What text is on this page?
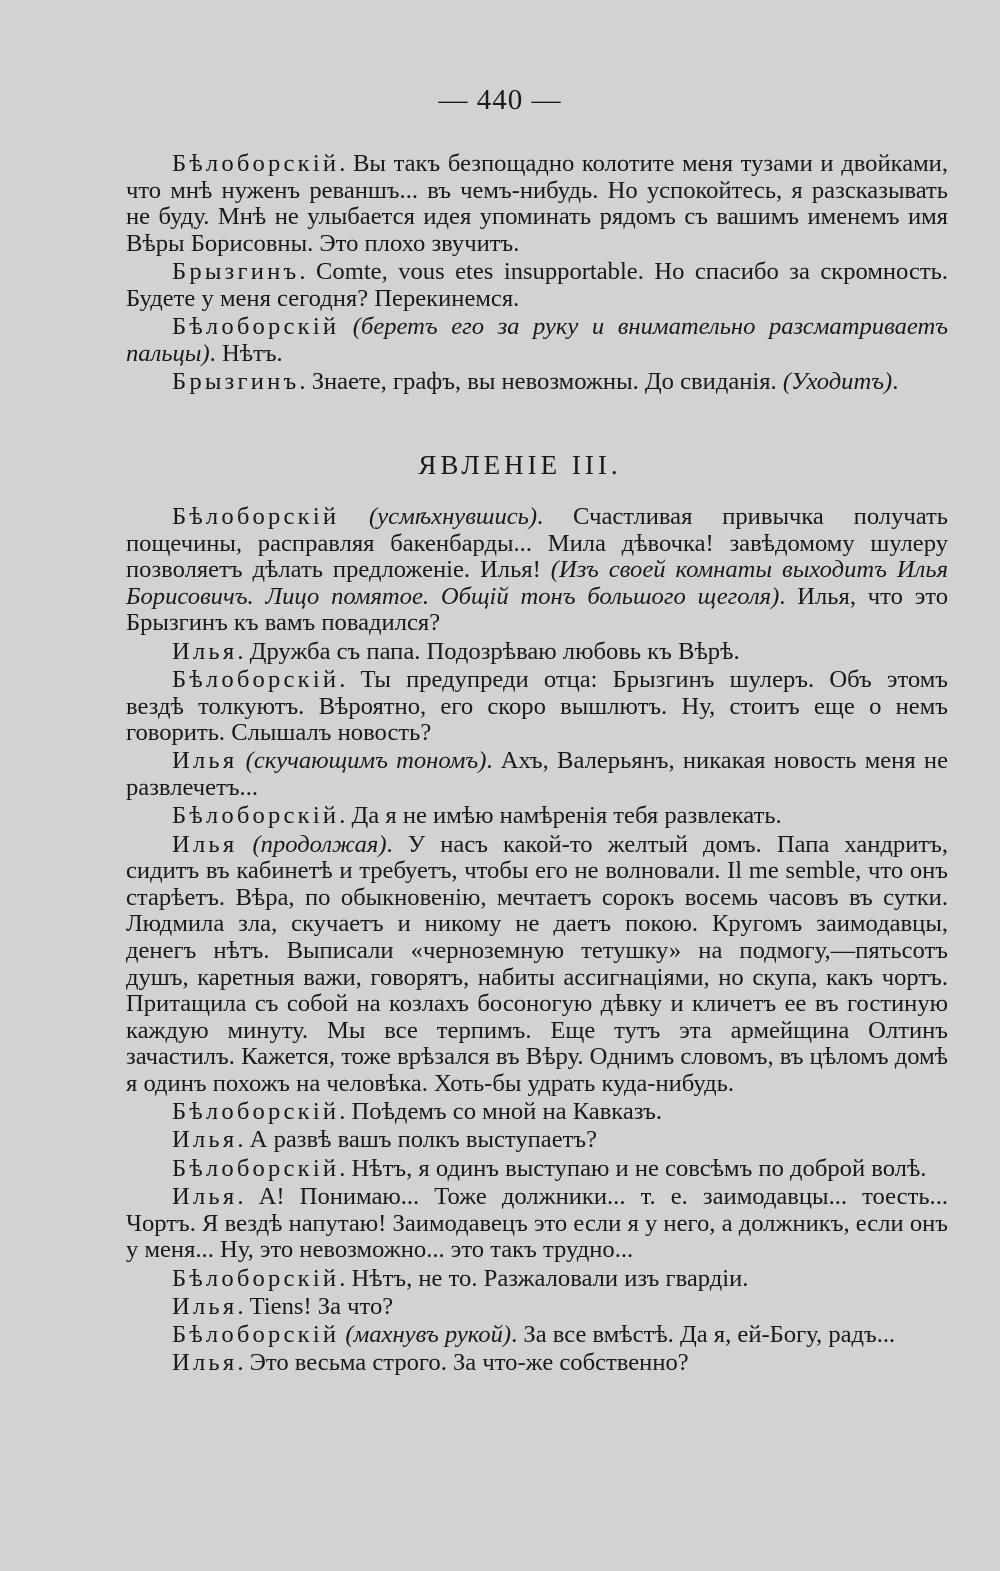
— 440 —

Бѣлоборскій. Вы такъ безпощадно колотите меня тузами и двойками, что мнѣ нуженъ реваншъ... въ чемъ-нибудь. Но успокойтесь, я разсказывать не буду. Мнѣ не улыбается идея упоминать рядомъ съ вашимъ именемъ имя Вѣры Борисовны. Это плохо звучитъ.

Брызгинъ. Comte, vous etes insupportable. Но спасибо за скромность. Будете у меня сегодня? Перекинемся.

Бѣлоборскій (беретъ его за руку и внимательно разсматриваетъ пальцы). Нѣтъ.

Брызгинъ. Знаете, графъ, вы невозможны. До свиданія. (Уходитъ).

ЯВЛЕНІЕ III.

Бѣлоборскій (усмѣхнувшись). Счастливая привычка получать пощечины, расправляя бакенбарды... Мила дѣвочка! завѣдомому шулеру позволяетъ дѣлать предложеніе. Илья! (Изъ своей комнаты выходитъ Илья Борисовичъ. Лицо помятое. Общій тонъ большого щеголя). Илья, что это Брызгинъ къ вамъ повадился?

Илья. Дружба съ папа. Подозрѣваю любовь къ Вѣрѣ.

Бѣлоборскій. Ты предупреди отца: Брызгинъ шулеръ. Объ этомъ вездѣ толкуютъ. Вѣроятно, его скоро вышлютъ. Ну, стоитъ еще о немъ говорить. Слышалъ новость?

Илья (скучающимъ тономъ). Ахъ, Валерьянъ, никакая новость меня не развлечетъ...

Бѣлоборскій. Да я не имѣю намѣренія тебя развлекать.

Илья (продолжая). У насъ какой-то желтый домъ. Папа хандритъ, сидитъ въ кабинетѣ и требуетъ, чтобы его не волновали. Il me semble, что онъ старѣетъ. Вѣра, по обыкновенію, мечтаетъ сорокъ восемь часовъ въ сутки. Людмила зла, скучаетъ и никому не даетъ покою. Кругомъ заимодавцы, денегъ нѣтъ. Выписали «черноземную тетушку» на подмогу,—пятьсотъ душъ, каретныя важи, говорятъ, набиты ассигнаціями, но скупа, какъ чортъ. Притащила съ собой на козлахъ босоногую дѣвку и кличетъ ее въ гостиную каждую минуту. Мы все терпимъ. Еще тутъ эта армейщина Олтинъ зачастилъ. Кажется, тоже врѣзался въ Вѣру. Однимъ словомъ, въ цѣломъ домѣ я одинъ похожъ на человѣка. Хоть-бы удрать куда-нибудь.

Бѣлоборскій. Поѣдемъ со мной на Кавказъ.

Илья. А развѣ вашъ полкъ выступаетъ?

Бѣлоборскій. Нѣтъ, я одинъ выступаю и не совсѣмъ по доброй волѣ.

Илья. А! Понимаю... Тоже должники... т. е. заимодавцы... тоесть... Чортъ. Я вездѣ напутаю! Заимодавецъ это если я у него, а должникъ, если онъ у меня... Ну, это невозможно... это такъ трудно...

Бѣлоборскій. Нѣтъ, не то. Разжаловали изъ гвардіи.

Илья. Tiens! За что?

Бѣлоборскій (махнувъ рукой). За все вмѣстѣ. Да я, ей-Богу, радъ...

Илья. Это весьма строго. За что-же собственно?
